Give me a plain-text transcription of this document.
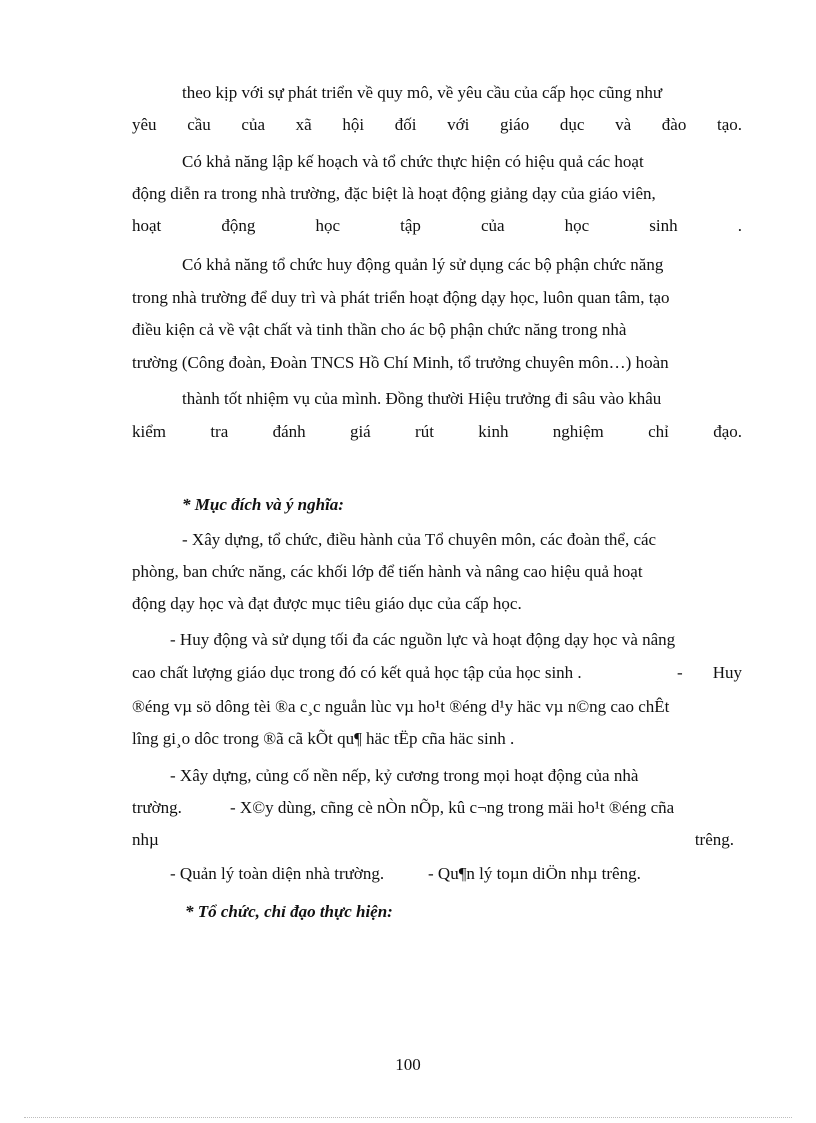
theo kịp với sự phát triển về quy mô, về yêu cầu của cấp học cũng như
yêu cầu của xã hội đối với giáo dục và đào tạo.
Có khả năng lập kế hoạch và tổ chức thực hiện có hiệu quả các hoạt
động diễn ra trong nhà trường, đặc biệt là hoạt động giảng dạy của giáo viên,
hoạt động học tập của học sinh .
Có khả năng tổ chức huy động quản lý sử dụng các bộ phận chức năng
trong nhà trường để duy trì và phát triển hoạt động dạy học, luôn quan tâm, tạo
điều kiện cả về vật chất và tinh thần cho ác bộ phận chức năng trong nhà
trường (Công đoàn, Đoàn TNCS Hồ Chí Minh, tổ trưởng chuyên môn…) hoàn
thành tốt nhiệm vụ của mình. Đồng thười Hiệu trưởng đi sâu vào khâu
kiểm tra đánh giá rút kinh nghiệm chỉ đạo.
* Mục đích và ý nghĩa:
- Xây dựng, tổ chức, điều hành của Tổ chuyên môn, các đoàn thể, các
phòng, ban chức năng, các khối lớp để tiến hành và nâng cao hiệu quả hoạt
động dạy học và đạt được mục tiêu giáo dục của cấp học.
- Huy động và sử dụng tối đa các nguồn lực và hoạt động dạy học và nâng
cao chất lượng giáo dục trong đó có kết quả học tập của học sinh .	- Huy
®éng vµ sö dông tèi ®a c¸c nguån lùc vµ ho¹t ®éng d¹y häc vµ n©ng cao chÊt
lîng gi¸o dôc trong ®ã cã kÕt qu¶ häc tËp cña häc sinh .
- Xây dựng, củng cố nền nếp, kỷ cương trong mọi hoạt động của nhà
trường.	- X©y dùng, cñng cè nÒn nÕp, kû c¬ng trong mäi ho¹t ®éng cña
nhµ	trêng.
- Quản lý toàn diện nhà trường.	- Qu¶n lý toµn diÖn nhµ trêng.
* Tổ chức, chỉ đạo thực hiện:
100
